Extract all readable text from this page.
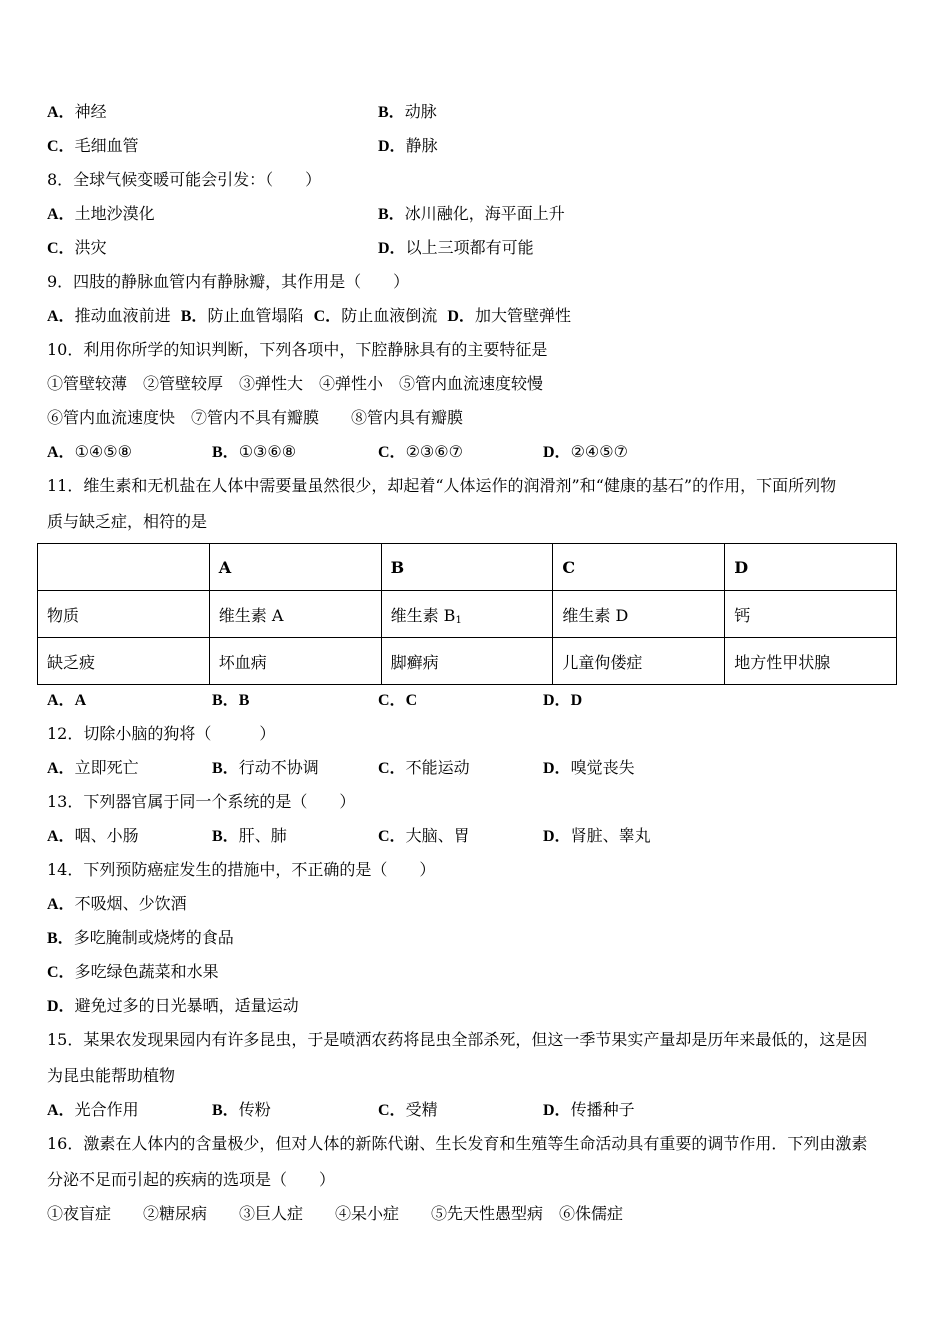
A．神经	B．动脉
C．毛细血管	D．静脉
8．全球气候变暖可能会引发：（　　）
A．土地沙漠化	B．冰川融化，海平面上升
C．洪灾	D．以上三项都有可能
9．四肢的静脉血管内有静脉瓣，其作用是（　　）
A．推动血液前进 B．防止血管塌陷 C．防止血液倒流 D．加大管壁弹性
10．利用你所学的知识判断，下列各项中，下腔静脉具有的主要特征是
①管壁较薄　②管壁较厚　③弹性大　④弹性小　⑤管内血流速度较慢
⑥管内血流速度快　⑦管内不具有瓣膜　　⑧管内具有瓣膜
A．①④⑤⑧	B．①③⑥⑧	C．②③⑥⑦	D．②④⑤⑦
11．维生素和无机盐在人体中需要量虽然很少，却起着“人体运作的润滑剂”和“健康的基石”的作用，下面所列物
质与缺乏症，相符的是
	A	B	C	D
物质	维生素 A	维生素 $B_1$	维生素 D	钙
缺乏疲	坏血病	脚癣病	儿童佝偻症	地方性甲状腺
A．A	B．B	C．C	D．D
12．切除小脑的狗将（　　　）
A．立即死亡	B．行动不协调	C．不能运动	D．嗅觉丧失
13．下列器官属于同一个系统的是（　　）
A．咽、小肠	B．肝、肺	C．大脑、胃	D．肾脏、睾丸
14．下列预防癌症发生的措施中，不正确的是（　　）
A．不吸烟、少饮酒
B．多吃腌制或烧烤的食品
C．多吃绿色蔬菜和水果
D．避免过多的日光暴晒，适量运动
15．某果农发现果园内有许多昆虫，于是喷洒农药将昆虫全部杀死，但这一季节果实产量却是历年来最低的，这是因
为昆虫能帮助植物
A．光合作用	B．传粉	C．受精	D．传播种子
16．激素在人体内的含量极少，但对人体的新陈代谢、生长发育和生殖等生命活动具有重要的调节作用．下列由激素
分泌不足而引起的疾病的选项是（　　）
①夜盲症　　②糖尿病　　③巨人症　　④呆小症　　⑤先天性愚型病　⑥侏儒症
